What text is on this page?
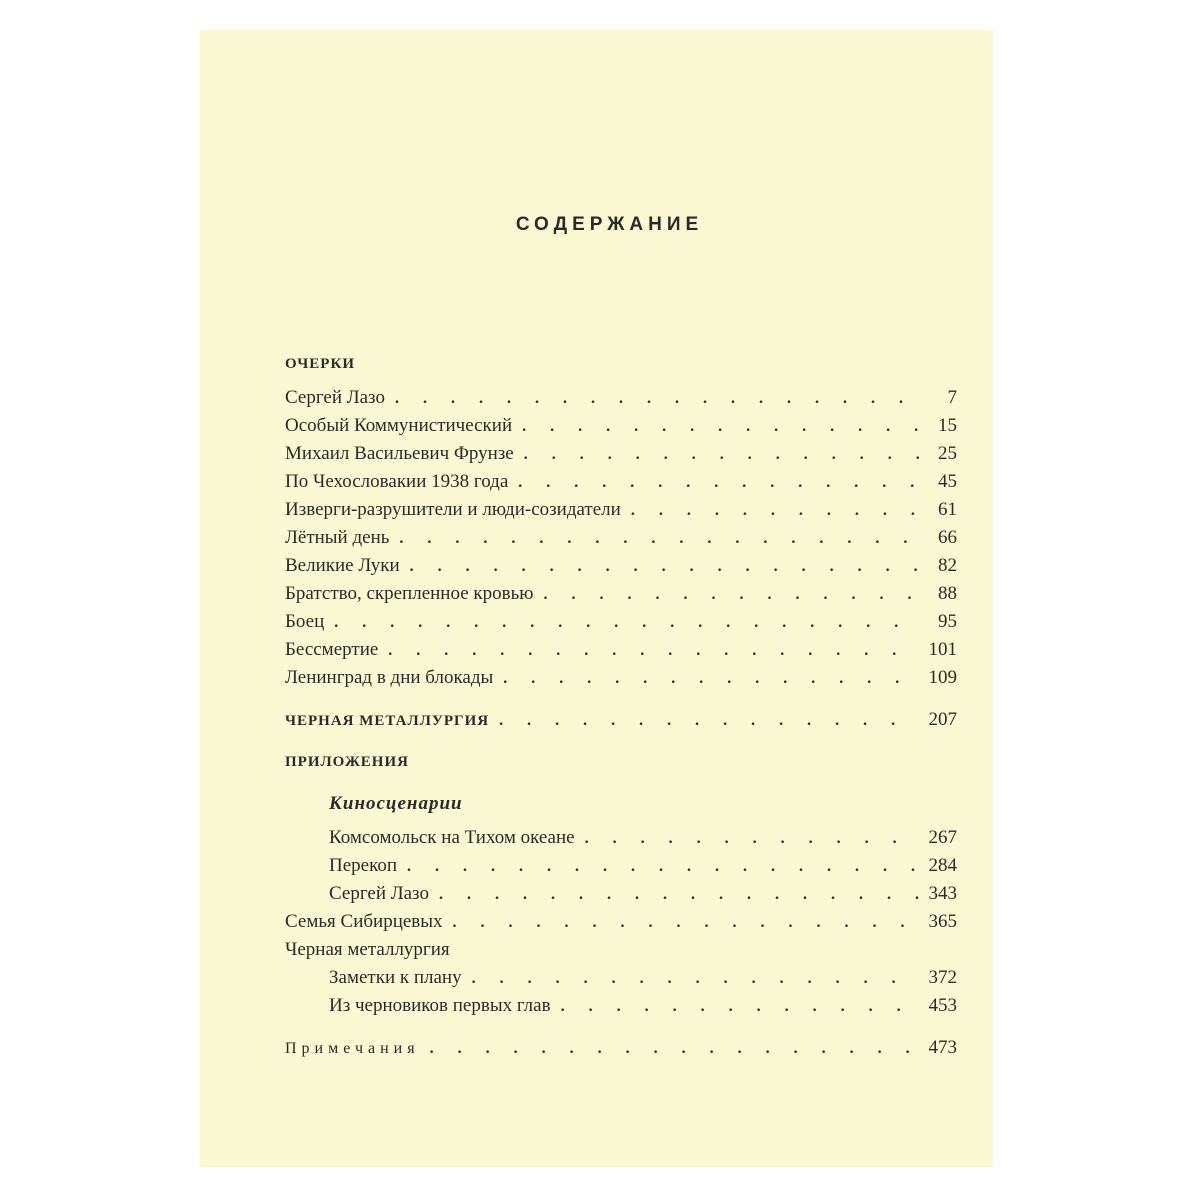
СОДЕРЖАНИЕ
ОЧЕРКИ
Сергей Лазо . . .	7
Особый Коммунистический . . .	15
Михаил Васильевич Фрунзе . . .	25
По Чехословакии 1938 года . . .	45
Изверги-разрушители и люди-созидатели . . .	61
Лётный день . . .	66
Великие Луки . . .	82
Братство, скрепленное кровью . . .	88
Боец . . .	95
Бессмертие . . .	101
Ленинград в дни блокады . . .	109
ЧЕРНАЯ МЕТАЛЛУРГИЯ . . .	207
ПРИЛОЖЕНИЯ
Киносценарии
Комсомольск на Тихом океане . . .	267
Перекоп . . .	284
Сергей Лазо . . .	343
Семья Сибирцевых . . .	365
Черная металлургия
Заметки к плану . . .	372
Из черновиков первых глав . . .	453
Примечания . . .	473
